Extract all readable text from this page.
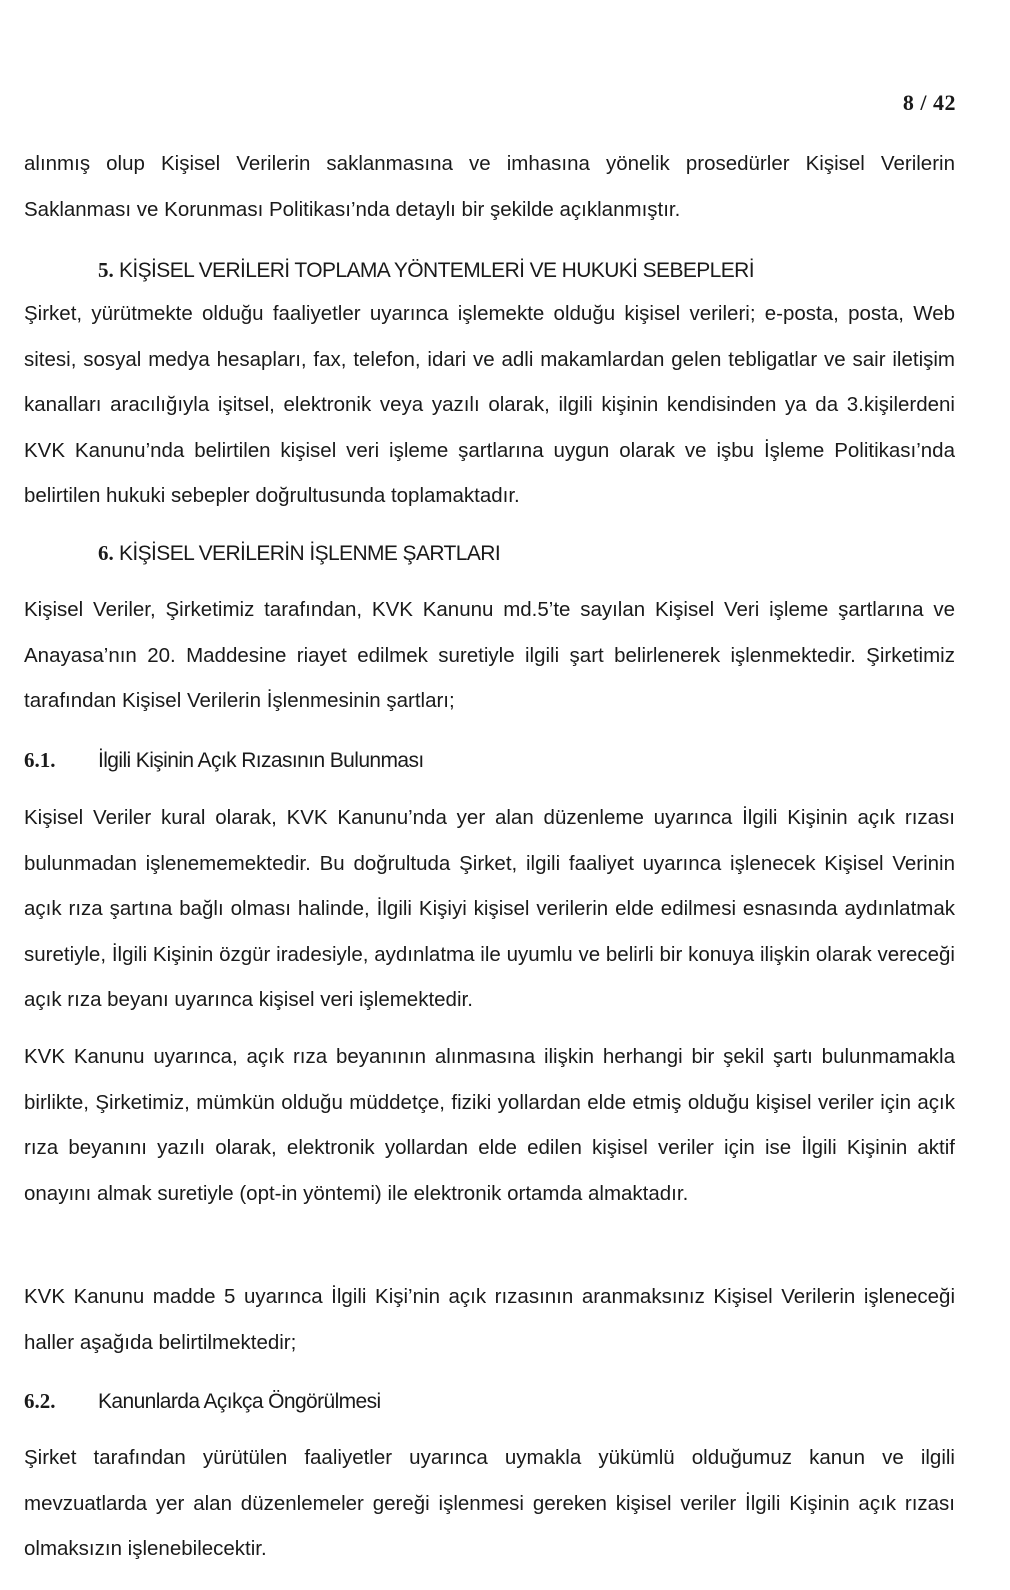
8 / 42

alınmış olup Kişisel Verilerin saklanmasına ve imhasına yönelik prosedürler Kişisel Verilerin Saklanması ve Korunması Politikası’nda detaylı bir şekilde açıklanmıştır.

5. KİŞİSEL VERİLERİ TOPLAMA YÖNTEMLERİ VE HUKUKİ SEBEPLERİ

Şirket, yürütmekte olduğu faaliyetler uyarınca işlemekte olduğu kişisel verileri; e-posta, posta, Web sitesi, sosyal medya hesapları, fax, telefon, idari ve adli makamlardan gelen tebligatlar ve sair iletişim kanalları aracılığıyla işitsel, elektronik veya yazılı olarak, ilgili kişinin kendisinden ya da 3.kişilerdeni KVK Kanunu’nda belirtilen kişisel veri işleme şartlarına uygun olarak ve işbu İşleme Politikası’nda belirtilen hukuki sebepler doğrultusunda toplamaktadır.

6. KİŞİSEL VERİLERİN İŞLENME ŞARTLARI

Kişisel Veriler, Şirketimiz tarafından, KVK Kanunu md.5’te sayılan Kişisel Veri işleme şartlarına ve Anayasa’nın 20. Maddesine riayet edilmek suretiyle ilgili şart belirlenerek işlenmektedir. Şirketimiz tarafından Kişisel Verilerin İşlenmesinin şartları;

6.1. İlgili Kişinin Açık Rızasının Bulunması

Kişisel Veriler kural olarak, KVK Kanunu’nda yer alan düzenleme uyarınca İlgili Kişinin açık rızası bulunmadan işlenememektedir. Bu doğrultuda Şirket, ilgili faaliyet uyarınca işlenecek Kişisel Verinin açık rıza şartına bağlı olması halinde, İlgili Kişiyi kişisel verilerin elde edilmesi esnasında aydınlatmak suretiyle, İlgili Kişinin özgür iradesiyle, aydınlatma ile uyumlu ve belirli bir konuya ilişkin olarak vereceği açık rıza beyanı uyarınca kişisel veri işlemektedir.

KVK Kanunu uyarınca, açık rıza beyanının alınmasına ilişkin herhangi bir şekil şartı bulunmamakla birlikte, Şirketimiz, mümkün olduğu müddetçe, fiziki yollardan elde etmiş olduğu kişisel veriler için açık rıza beyanını yazılı olarak, elektronik yollardan elde edilen kişisel veriler için ise İlgili Kişinin aktif onayını almak suretiyle (opt-in yöntemi) ile elektronik ortamda almaktadır.

KVK Kanunu madde 5 uyarınca İlgili Kişi’nin açık rızasının aranmaksınız Kişisel Verilerin işleneceği haller aşağıda belirtilmektedir;

6.2. Kanunlarda Açıkça Öngörülmesi

Şirket tarafından yürütülen faaliyetler uyarınca uymakla yükümlü olduğumuz kanun ve ilgili mevzuatlarda yer alan düzenlemeler gereği işlenmesi gereken kişisel veriler İlgili Kişinin açık rızası olmaksızın işlenebilecektir.
